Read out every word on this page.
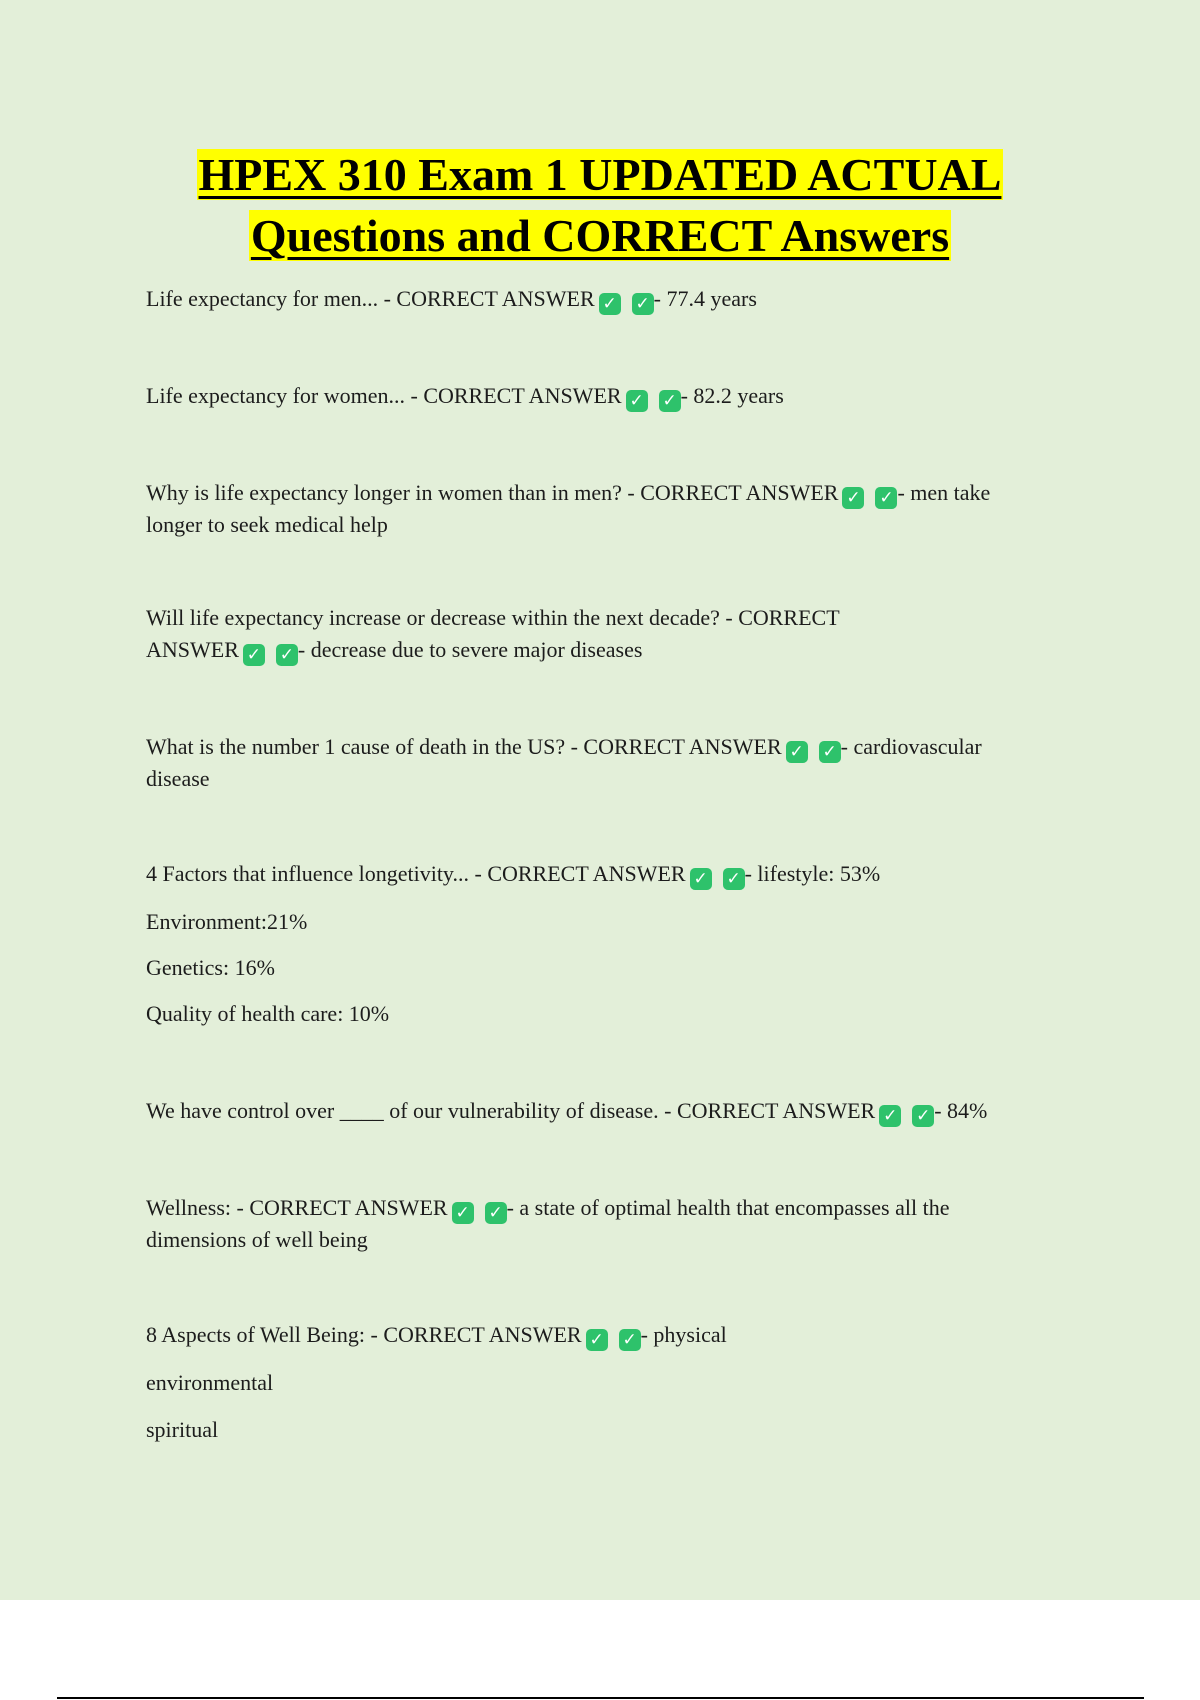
HPEX 310 Exam 1 UPDATED ACTUAL
Questions and CORRECT Answers
Life expectancy for men... - CORRECT ANSWER ✓ ✓ - 77.4 years
Life expectancy for women... - CORRECT ANSWER ✓ ✓ - 82.2 years
Why is life expectancy longer in women than in men? - CORRECT ANSWER ✓ ✓ - men take
longer to seek medical help
Will life expectancy increase or decrease within the next decade? - CORRECT
ANSWER ✓ ✓ - decrease due to severe major diseases
What is the number 1 cause of death in the US? - CORRECT ANSWER ✓ ✓ - cardiovascular
disease
4 Factors that influence longetivity... - CORRECT ANSWER ✓ ✓ - lifestyle: 53%
Environment:21%
Genetics: 16%
Quality of health care: 10%
We have control over ____ of our vulnerability of disease. - CORRECT ANSWER ✓ ✓ - 84%
Wellness: - CORRECT ANSWER ✓ ✓ - a state of optimal health that encompasses all the
dimensions of well being
8 Aspects of Well Being: - CORRECT ANSWER ✓ ✓ - physical
environmental
spiritual
